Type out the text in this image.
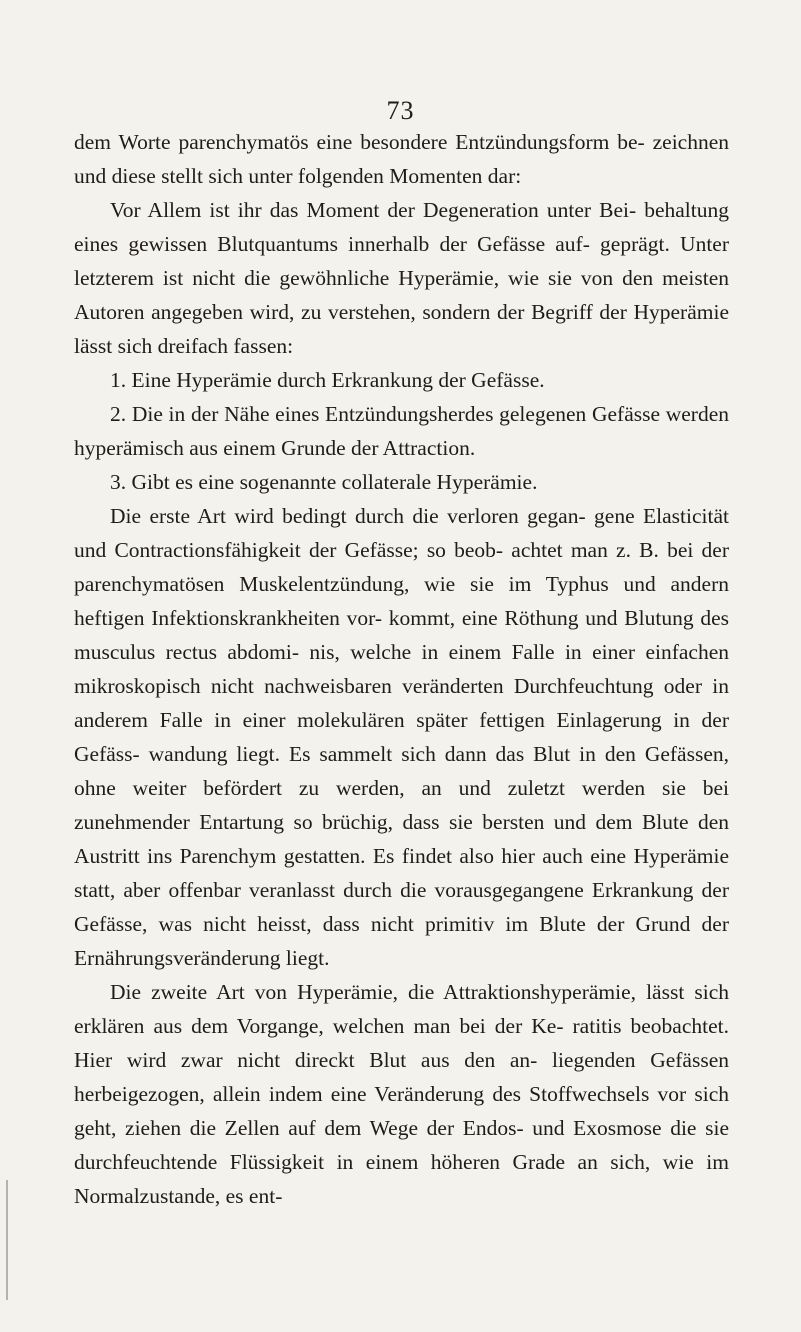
73

dem Worte parenchymatös eine besondere Entzündungsform be- zeichnen und diese stellt sich unter folgenden Momenten dar:

Vor Allem ist ihr das Moment der Degeneration unter Bei- behaltung eines gewissen Blutquantums innerhalb der Gefässe auf- geprägt. Unter letzterem ist nicht die gewöhnliche Hyperämie, wie sie von den meisten Autoren angegeben wird, zu verstehen, sondern der Begriff der Hyperämie lässt sich dreifach fassen:

1. Eine Hyperämie durch Erkrankung der Gefässe.

2. Die in der Nähe eines Entzündungsherdes gelegenen Gefässe werden hyperämisch aus einem Grunde der Attraction.

3. Gibt es eine sogenannte collaterale Hyperämie.

Die erste Art wird bedingt durch die verloren gegan- gene Elasticität und Contractionsfähigkeit der Gefässe; so beob- achtet man z. B. bei der parenchymatösen Muskelentzündung, wie sie im Typhus und andern heftigen Infektionskrankheiten vor- kommt, eine Röthung und Blutung des musculus rectus abdomi- nis, welche in einem Falle in einer einfachen mikroskopisch nicht nachweisbaren veränderten Durchfeuchtung oder in anderem Falle in einer molekulären später fettigen Einlagerung in der Gefäss- wandung liegt. Es sammelt sich dann das Blut in den Gefässen, ohne weiter befördert zu werden, an und zuletzt werden sie bei zunehmender Entartung so brüchig, dass sie bersten und dem Blute den Austritt ins Parenchym gestatten. Es findet also hier auch eine Hyperämie statt, aber offenbar veranlasst durch die vorausgegangene Erkrankung der Gefässe, was nicht heisst, dass nicht primitiv im Blute der Grund der Ernährungsveränderung liegt.

Die zweite Art von Hyperämie, die Attraktionshyperämie, lässt sich erklären aus dem Vorgange, welchen man bei der Ke- ratitis beobachtet. Hier wird zwar nicht direckt Blut aus den an- liegenden Gefässen herbeigezogen, allein indem eine Veränderung des Stoffwechsels vor sich geht, ziehen die Zellen auf dem Wege der Endos- und Exosmose die sie durchfeuchtende Flüssigkeit in einem höheren Grade an sich, wie im Normalzustande, es ent-
